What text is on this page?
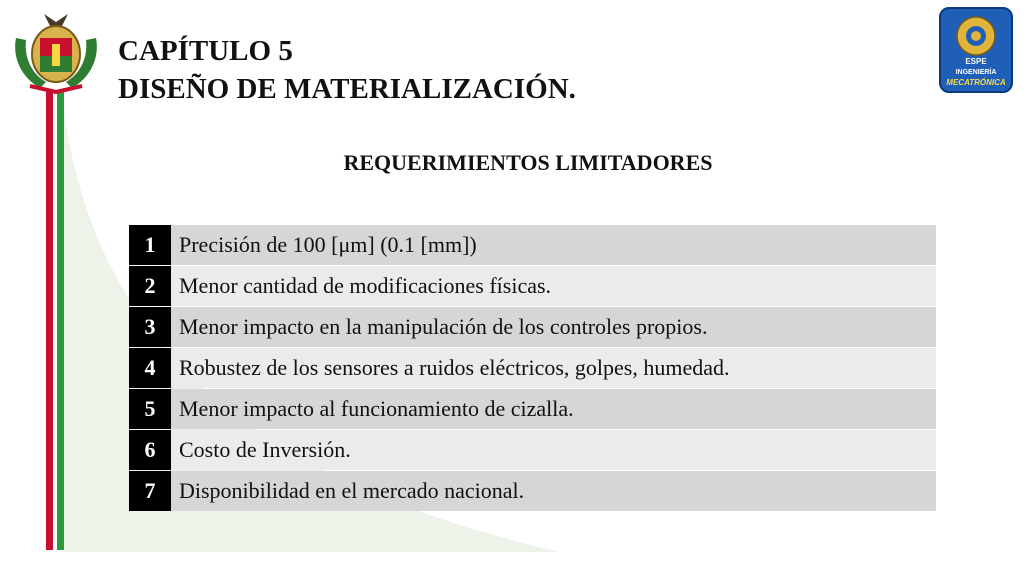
ESPE
INGENIERÍA
MECATRÓNICA
CAPÍTULO 5
DISEÑO DE MATERIALIZACIÓN.
REQUERIMIENTOS LIMITADORES
1	Precisión de 100 [μm] (0.1 [mm])
2	Menor cantidad de modificaciones físicas.
3	Menor impacto en la manipulación de los controles propios.
4	Robustez de los sensores a ruidos eléctricos, golpes, humedad.
5	Menor impacto al funcionamiento de cizalla.
6	Costo de Inversión.
7	Disponibilidad en el mercado nacional.
